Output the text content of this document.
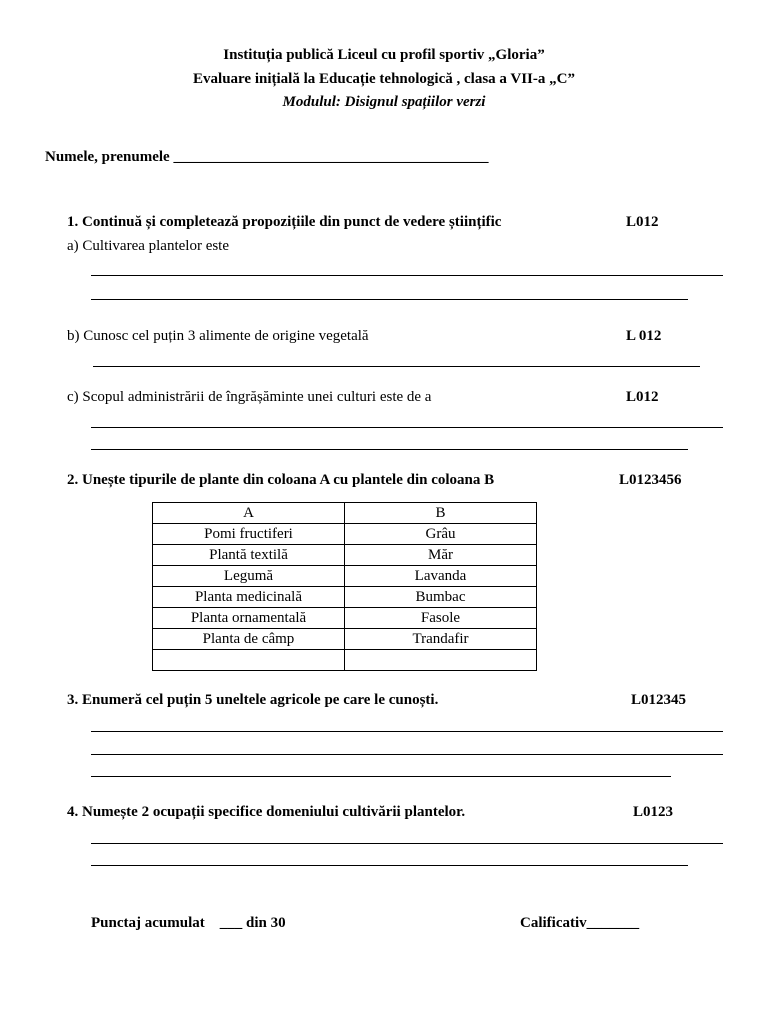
Instituția publică Liceul cu profil sportiv „Gloria”
Evaluare inițială la Educație tehnologică , clasa a VII-a „C”
Modulul: Disignul spațiilor verzi
Numele, prenumele __________________________________________
1. Continuă și completează propozițiile din punct de vedere științific	L012
a) Cultivarea plantelor este
b) Cunosc cel puțin 3 alimente de origine vegetală	L 012
c) Scopul administrării de îngrășăminte unei culturi este de a	L012
2. Unește tipurile de plante din coloana A cu plantele din coloana B	L0123456
A	B
Pomi fructiferi	Grâu
Plantă textilă	Măr
Legumă	Lavanda
Planta medicinală	Bumbac
Planta ornamentală	Fasole
Planta de câmp	Trandafir

3. Enumeră cel puțin 5 uneltele agricole pe care le cunoști.	L012345
4. Numește 2 ocupații specifice domeniului cultivării plantelor.	L0123
Punctaj acumulat    ___ din 30	Calificativ_______
